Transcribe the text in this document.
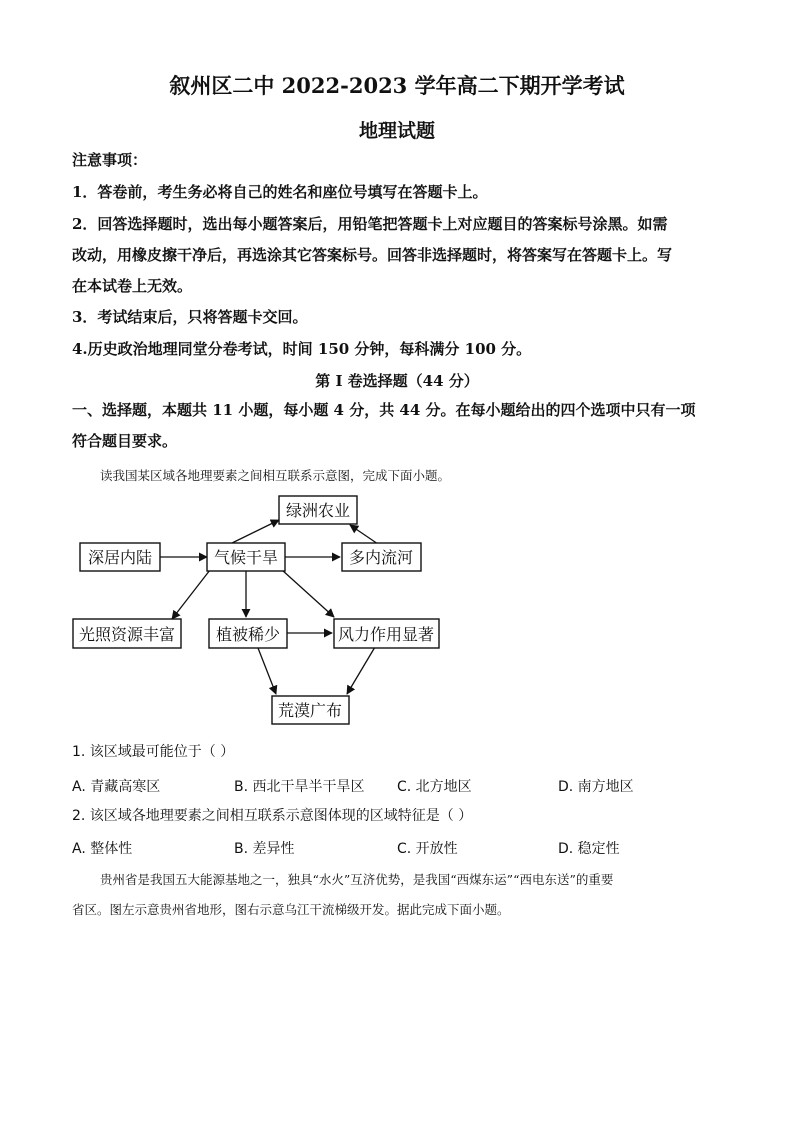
叙州区二中 2022-2023 学年高二下期开学考试
地理试题
注意事项：
1．答卷前，考生务必将自己的姓名和座位号填写在答题卡上。
2．回答选择题时，选出每小题答案后，用铅笔把答题卡上对应题目的答案标号涂黑。如需
改动，用橡皮擦干净后，再选涂其它答案标号。回答非选择题时，将答案写在答题卡上。写
在本试卷上无效。
3．考试结束后，只将答题卡交回。
4.历史政治地理同堂分卷考试，时间 150 分钟，每科满分 100 分。
第 I 卷选择题（44 分）
一、选择题，本题共 11 小题，每小题 4 分，共 44 分。在每小题给出的四个选项中只有一项
符合题目要求。
读我国某区域各地理要素之间相互联系示意图，完成下面小题。
绿洲农业
深居内陆	气候干旱	多内流河
光照资源丰富	植被稀少	风力作用显著
荒漠广布
1. 该区域最可能位于（ ）
A. 青藏高寒区	B. 西北干旱半干旱区 C. 北方地区	D. 南方地区
2. 该区域各地理要素之间相互联系示意图体现的区域特征是（ ）
A. 整体性	B. 差异性	C. 开放性	D. 稳定性
贵州省是我国五大能源基地之一，独具“水火”互济优势，是我国“西煤东运”“西电东送”的重要
省区。图左示意贵州省地形，图右示意乌江干流梯级开发。据此完成下面小题。
